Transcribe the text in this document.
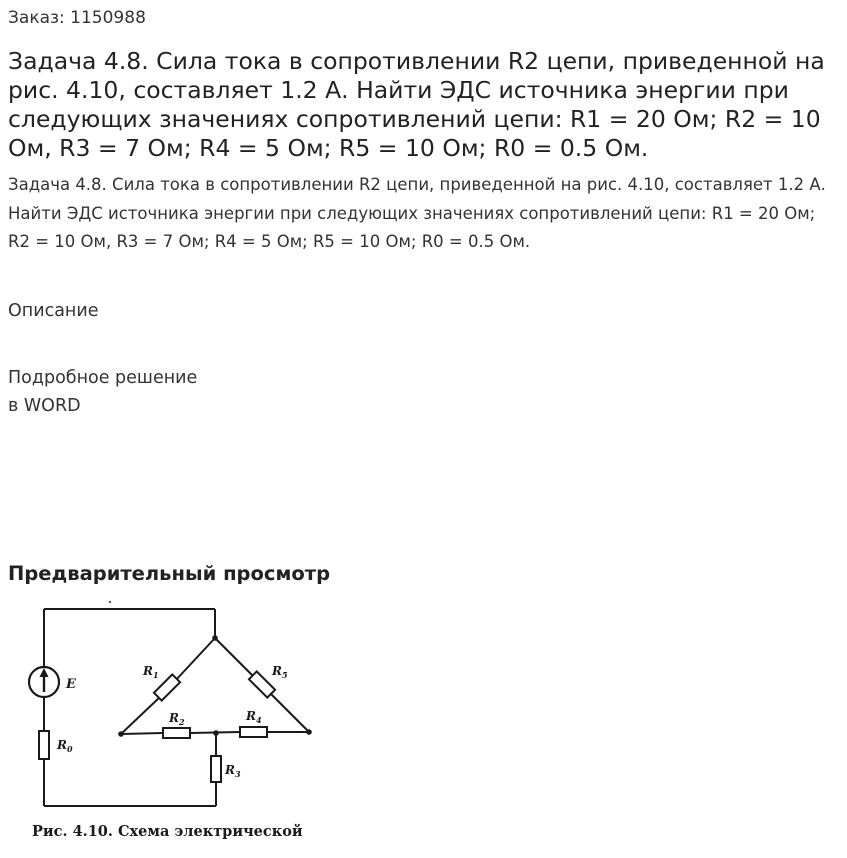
Заказ: 1150988
Задача 4.8. Сила тока в сопротивлении R2 цепи, приведенной на рис. 4.10, составляет 1.2 А. Найти ЭДС источника энергии при следующих значениях сопротивлений цепи: R1 = 20 Ом; R2 = 10 Ом, R3 = 7 Ом; R4 = 5 Ом; R5 = 10 Ом; R0 = 0.5 Ом.

Задача 4.8. Сила тока в сопротивлении R2 цепи, приведенной на рис. 4.10, составляет 1.2 А. Найти ЭДС источника энергии при следующих значениях сопротивлений цепи: R1 = 20 Ом; R2 = 10 Ом, R3 = 7 Ом; R4 = 5 Ом; R5 = 10 Ом; R0 = 0.5 Ом.

Описание
Подробное решение
в WORD
Предварительный просмотр
E
$R_0$
$R_1$
$R_2$
$R_3$
$R_4$
$R_5$
Рис. 4.10. Схема электрической
